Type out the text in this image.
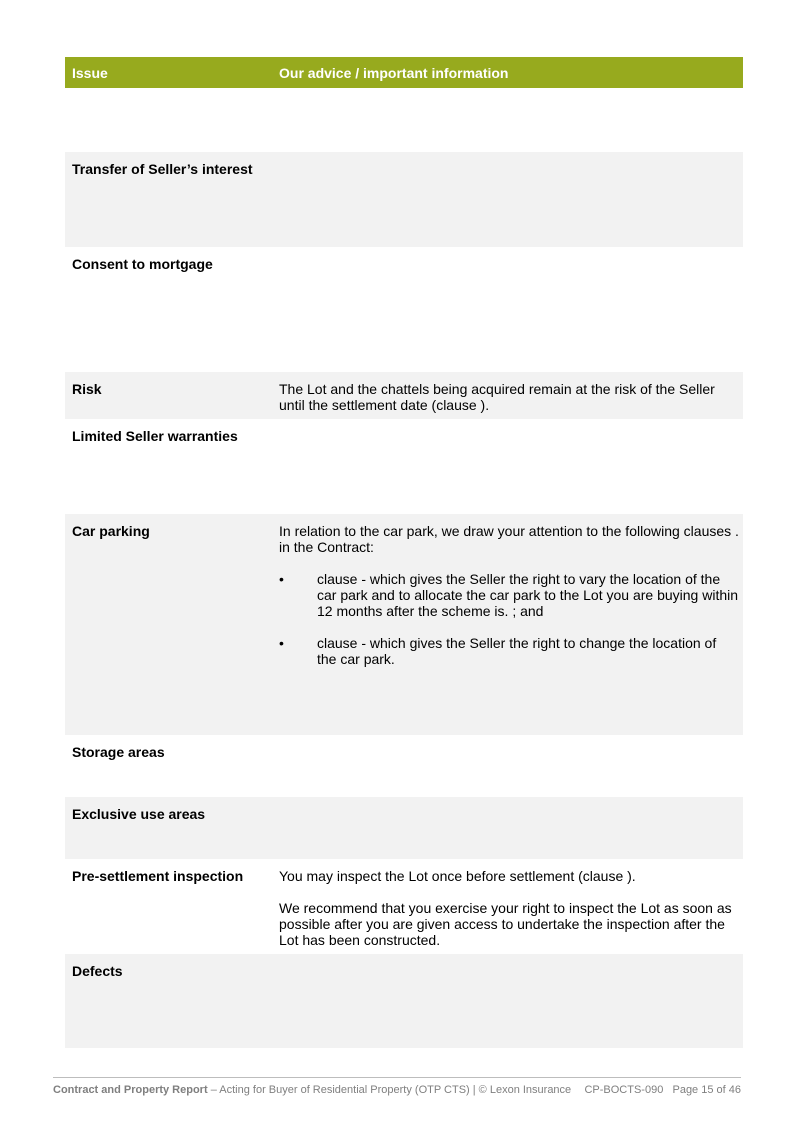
Issue	Our advice / important information
Transfer of Seller’s interest
Consent to mortgage
Risk	The Lot and the chattels being acquired remain at the risk of the Seller until the settlement date (clause ).

Limited Seller warranties
Car parking	In relation to the car park, we draw your attention to the following clauses . in the Contract:

• clause - which gives the Seller the right to vary the location of the car park and to allocate the car park to the Lot you are buying within 12 months after the scheme is. ; and
• clause - which gives the Seller the right to change the location of the car park.
Storage areas
Exclusive use areas
Pre-settlement inspection	You may inspect the Lot once before settlement (clause ).

We recommend that you exercise your right to inspect the Lot as soon as possible after you are given access to undertake the inspection after the Lot has been constructed.

Defects
Contract and Property Report – Acting for Buyer of Residential Property (OTP CTS) | © Lexon Insurance CP-BOCTS-090 Page 15 of 46
